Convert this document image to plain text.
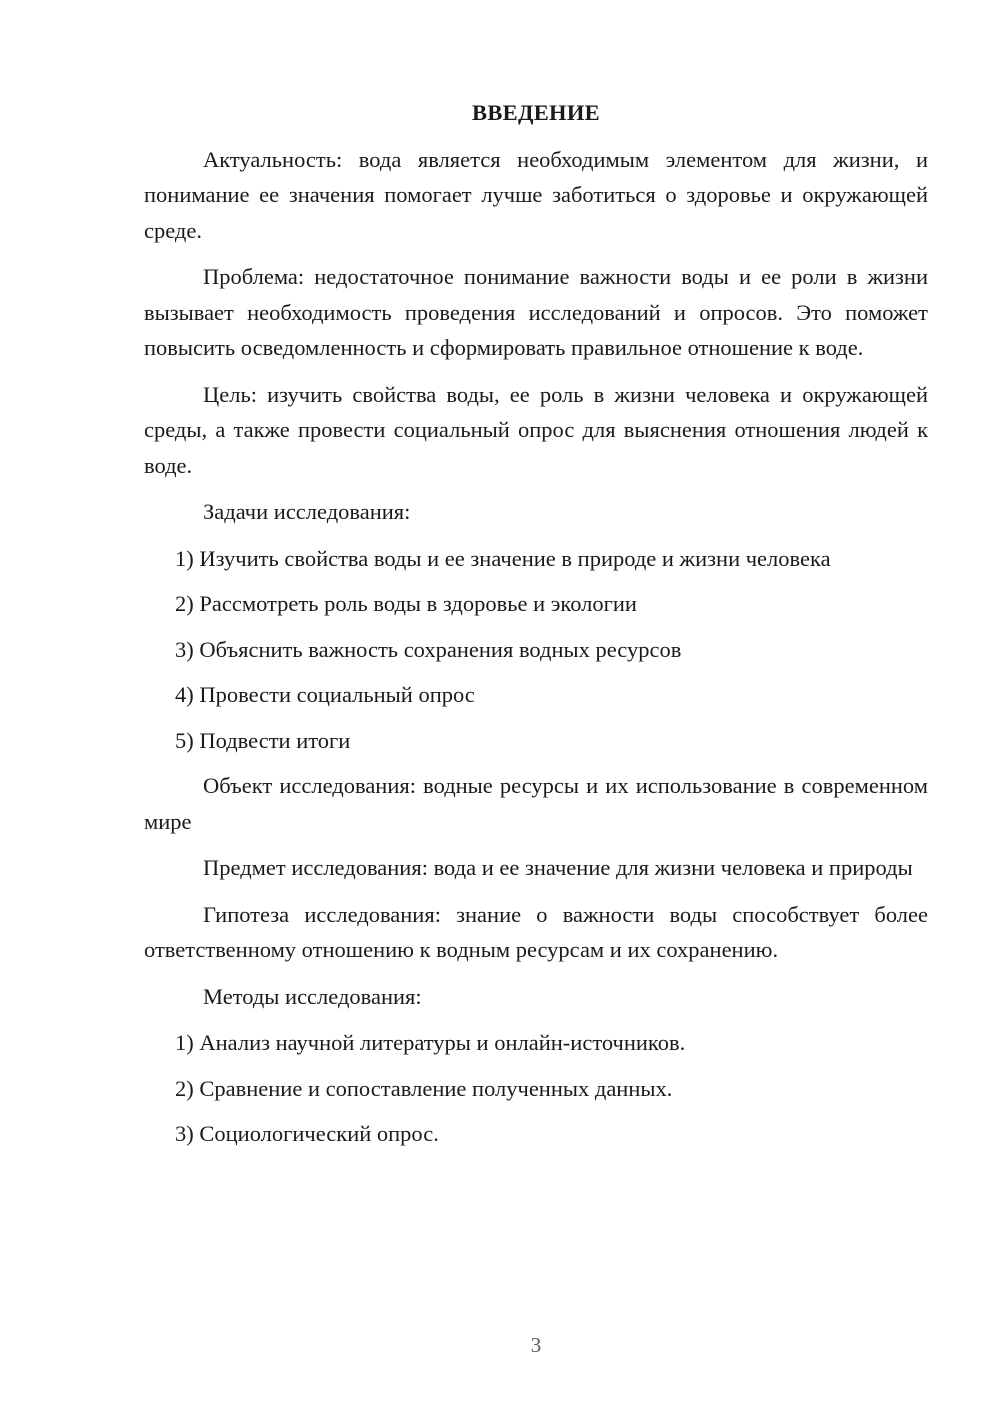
ВВЕДЕНИЕ

Актуальность: вода является необходимым элементом для жизни, и понимание ее значения помогает лучше заботиться о здоровье и окружающей среде.

Проблема: недостаточное понимание важности воды и ее роли в жизни вызывает необходимость проведения исследований и опросов. Это поможет повысить осведомленность и сформировать правильное отношение к воде.

Цель: изучить свойства воды, ее роль в жизни человека и окружающей среды, а также провести социальный опрос для выяснения отношения людей к воде.

Задачи исследования:

1) Изучить свойства воды и ее значение в природе и жизни человека

2) Рассмотреть роль воды в здоровье и экологии

3) Объяснить важность сохранения водных ресурсов

4) Провести социальный опрос

5) Подвести итоги

Объект исследования: водные ресурсы и их использование в современном мире

Предмет исследования: вода и ее значение для жизни человека и природы

Гипотеза исследования: знание о важности воды способствует более ответственному отношению к водным ресурсам и их сохранению.

Методы исследования:

1) Анализ научной литературы и онлайн-источников.

2) Сравнение и сопоставление полученных данных.

3) Социологический опрос.

3
